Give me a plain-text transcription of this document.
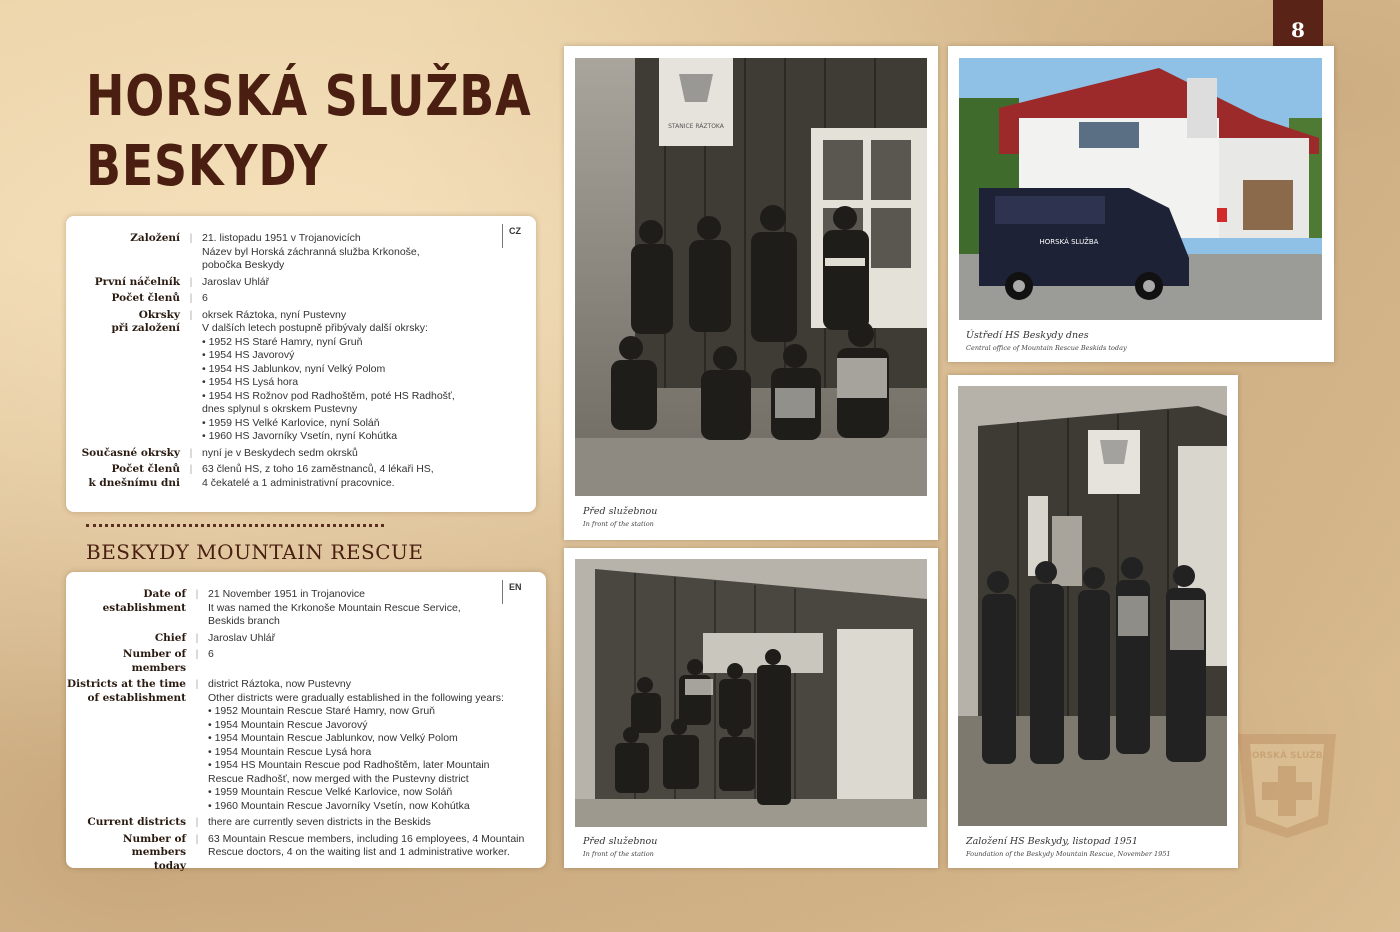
8
HORSKÁ SLUŽBA
BESKYDY
CZ
Založení | 21. listopadu 1951 v Trojanovicích
Název byl Horská záchranná služba Krkonoše,
pobočka Beskydy
První náčelník | Jaroslav Uhlář
Počet členů | 6
Okrsky
při založení
| okrsek Ráztoka, nyní Pustevny
V dalších letech postupně přibývaly další okrsky:
• 1952 HS Staré Hamry, nyní Gruň
• 1954 HS Javorový
• 1954 HS Jablunkov, nyní Velký Polom
• 1954 HS Lysá hora
• 1954 HS Rožnov pod Radhoštěm, poté HS Radhošť,
dnes splynul s okrskem Pustevny
• 1959 HS Velké Karlovice, nyní Soláň
• 1960 HS Javorníky Vsetín, nyní Kohútka
Současné okrsky | nyní je v Beskydech sedm okrsků
Počet členů
k dnešnímu dni
| 63 členů HS, z toho 16 zaměstnanců, 4 lékaři HS,
4 čekatelé a 1 administrativní pracovnice.
BESKYDY MOUNTAIN RESCUE
EN
Date of establishment
| 21 November 1951 in Trojanovice
It was named the Krkonoše Mountain Rescue Service,
Beskids branch
Chief | Jaroslav Uhlář
Number of members
| 6
Districts at the time
of establishment
| district Ráztoka, now Pustevny
Other districts were gradually established in the following years:
• 1952 Mountain Rescue Staré Hamry, now Gruň
• 1954 Mountain Rescue Javorový
• 1954 Mountain Rescue Jablunkov, now Velký Polom
• 1954 Mountain Rescue Lysá hora
• 1954 HS Mountain Rescue pod Radhoštěm, later Mountain
Rescue Radhošť, now merged with the Pustevny district
• 1959 Mountain Rescue Velké Karlovice, now Soláň
• 1960 Mountain Rescue Javorníky Vsetín, now Kohútka
Current districts | there are currently seven districts in the Beskids
Number of members
today
| 63 Mountain Rescue members, including 16 employees, 4 Mountain
Rescue doctors, 4 on the waiting list and 1 administrative worker.
STANICE RÁZTOKA
Před služebnou
In front of the station
HORSKÁ SLUŽBA
Ústředí HS Beskydy dnes
Central office of Mountain Rescue Beskids today
Před služebnou
In front of the station
Založení HS Beskydy, listopad 1951
Foundation of the Beskydy Mountain Rescue, November 1951
HORSKÁ SLUŽBA
